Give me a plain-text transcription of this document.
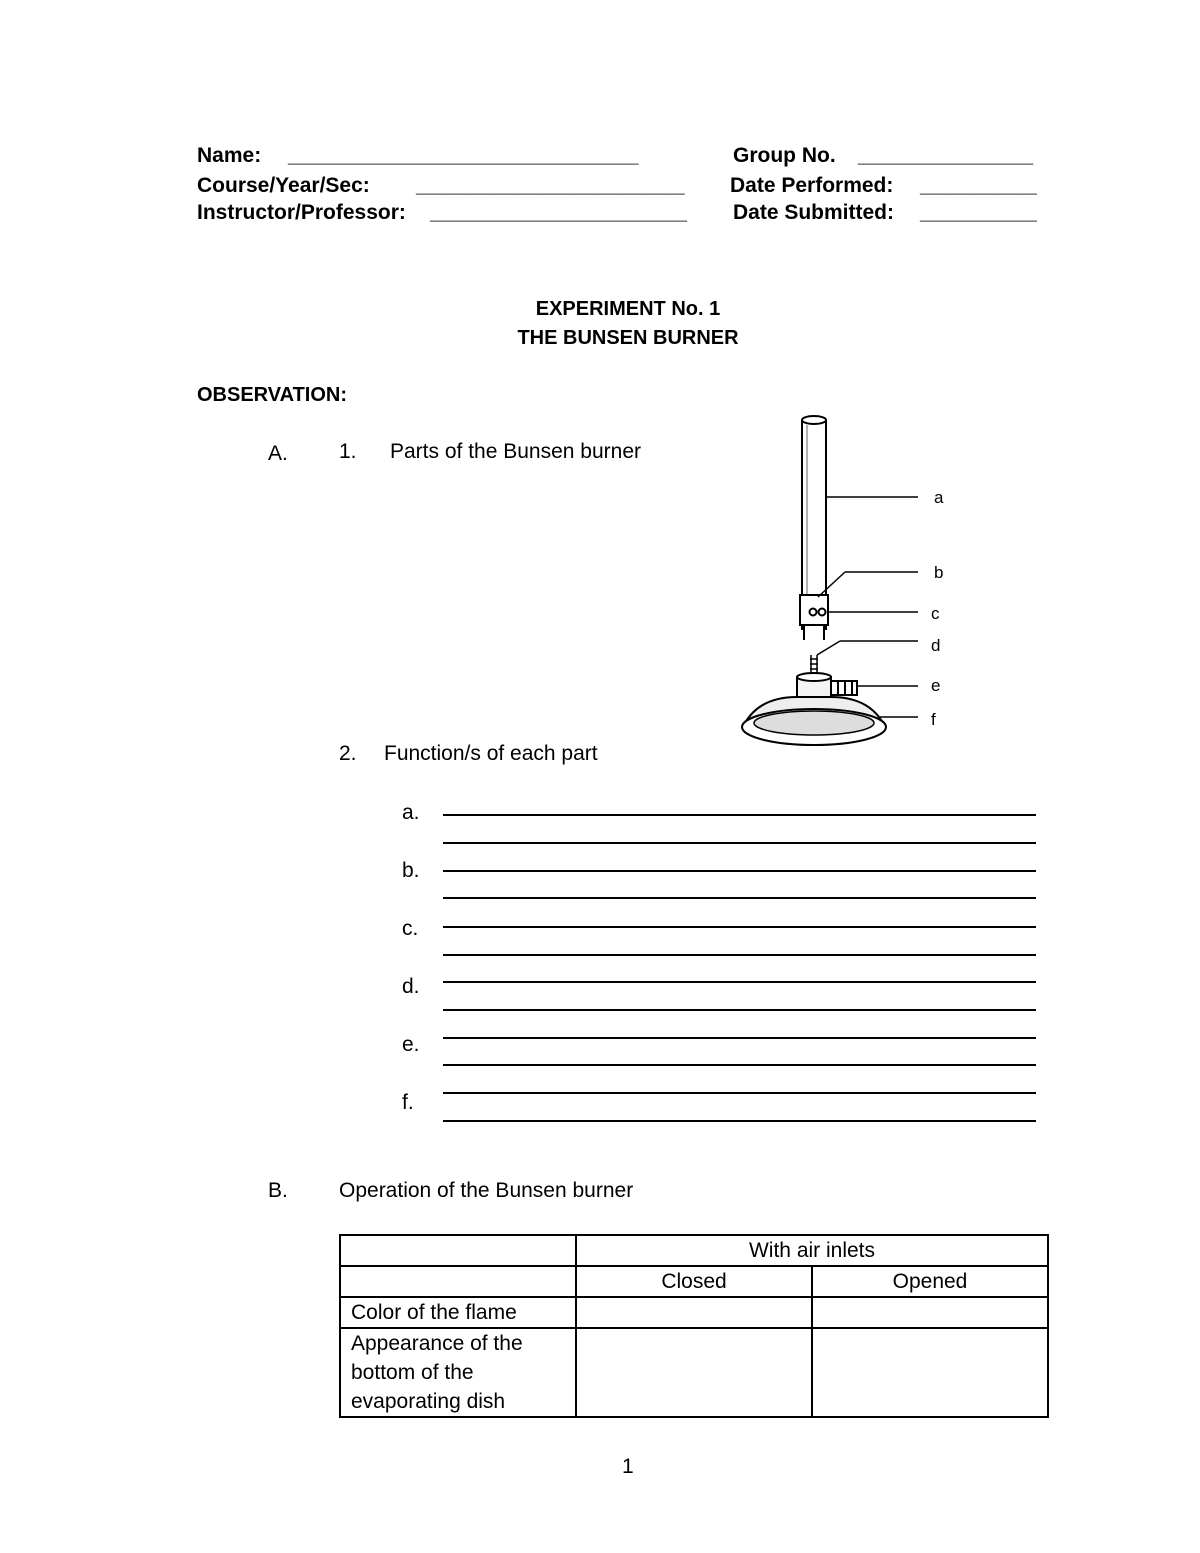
Name: ______________________________	Group No. _______________
Course/Year/Sec: _______________________ Date Performed: __________
Instructor/Professor: ______________________ Date Submitted: __________
EXPERIMENT No. 1
THE BUNSEN BURNER
OBSERVATION:
A. 1. Parts of the Bunsen burner
a
b
c
d
e
f
2. Function/s of each part
a.
b.
c.
d.
e.
f.
B. Operation of the Bunsen burner
	With air inlets	
	Closed	Opened
Color of the flame		

Appearance of the
bottom of the
evaporating dish		

1
